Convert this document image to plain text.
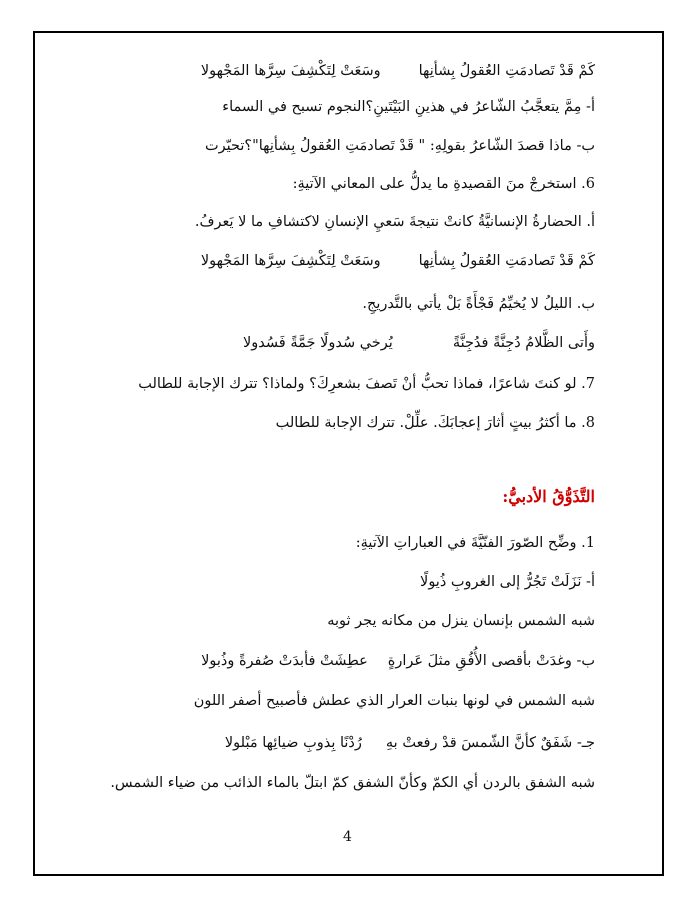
كَمْ قَدْ تَصادمَتِ العُقولُ بِشأنِهاوسَعَتْ لِتَكْشِفَ سِرَّها المَجْهولا
أ- مِمَّ يتعجَّبُ الشّاعرُ في هذينِ البَيْتَينِ؟النجوم تسبح في السماء
ب- ماذا قصدَ الشّاعرُ بقولِهِ: " قَدْ تَصادمَتِ العُقولُ بِشأنِها"؟تحيّرت
6. استخرجْ منَ القصيدةِ ما يدلُّ على المعاني الآتيةِ:
أ. الحضارةُ الإنسانيَّةُ كانتْ نتيجةَ سَعيِ الإنسانِ لاكتشافِ ما لا يَعرفُ.
كَمْ قَدْ تَصادمَتِ العُقولُ بِشأنِهاوسَعَتْ لِتَكْشِفَ سِرَّها المَجْهولا
ب. الليلُ لا يُخيِّمُ فَجْأَةً بَلْ يأتي بالتَّدريجِ.
وأَتى الظَّلامُ دُجِنَّةً فدُجِنَّةًيُرخي سُدولًا جَمَّةً فَسُدولا
7. لو كنتَ شاعرًا، فماذا تحبُّ أنْ تَصفَ بشعرِكَ؟ ولماذا؟ تترك الإجابة للطالب
8. ما أكثرُ بيتٍ أثارَ إعجابَكَ. علِّلْ. تترك الإجابة للطالب
التَّذَوُّقُ الأدبيُّ:
1. وضِّح الصّورَ الفنّيَّةَ في العباراتِ الآتيةِ:
أ- نَزَلَتْ تَجُرُّ إلى الغروبِ ذُيولًا
شبه الشمس بإنسان ينزل من مكانه يجر ثوبه
ب- وغدَتْ بأقصى الأُفُقِ مثلَ عَرارةٍعطِشَتْ فأبدَتْ صُفرةً وذُبولا
شبه الشمس في لونها بنبات العرار الذي عطش فأصبيح أصفر اللون
جـ- شَفَقٌ كأنَّ الشّمسَ قدْ رفعتْ بهِرُدْنًا بِذوبِ ضيائِها مَبْلولا
شبه الشفق بالردن أي الكمّ وكأنّ الشفق كمّ ابتلّ بالماء الذائب من ضياء الشمس.
4
